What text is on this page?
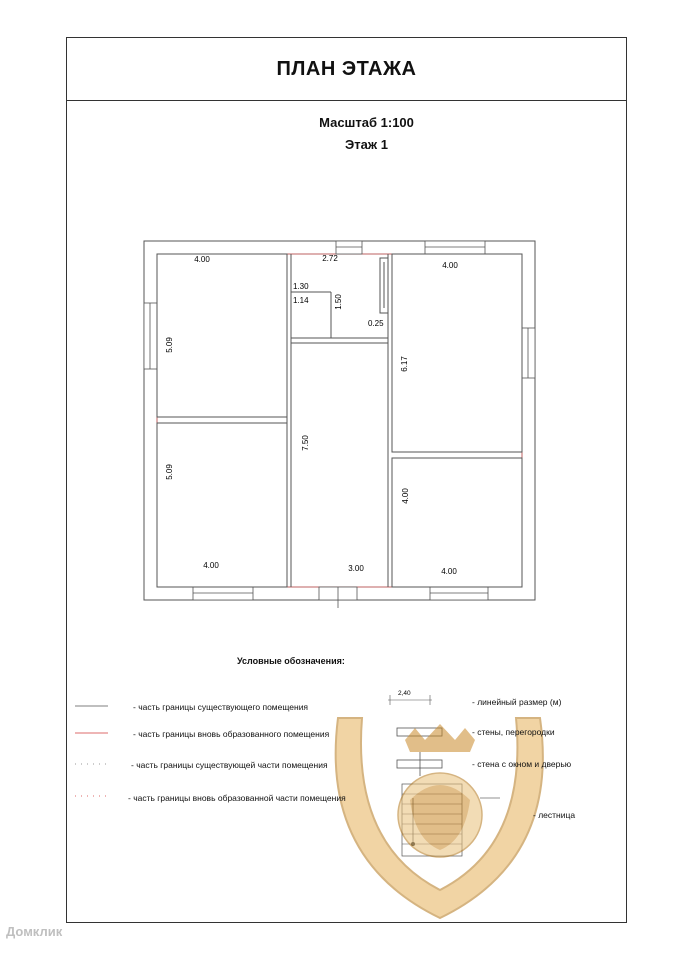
ПЛАН ЭТАЖА
Масштаб 1:100
Этаж 1
4.00
5.09
5.09
4.00
2.72
1.30
1.14	1.50
0.25
7.50
3.00
4.00
6.17
4.00
4.00
2,40
Условные обозначения:
- часть границы существующего помещения
- часть границы вновь образованного помещения
- часть границы существующей части помещения
- часть границы вновь образованной части помещения
- линейный размер (м)
- стены, перегородки
- стена с окном и дверью
- лестница
Домклик
